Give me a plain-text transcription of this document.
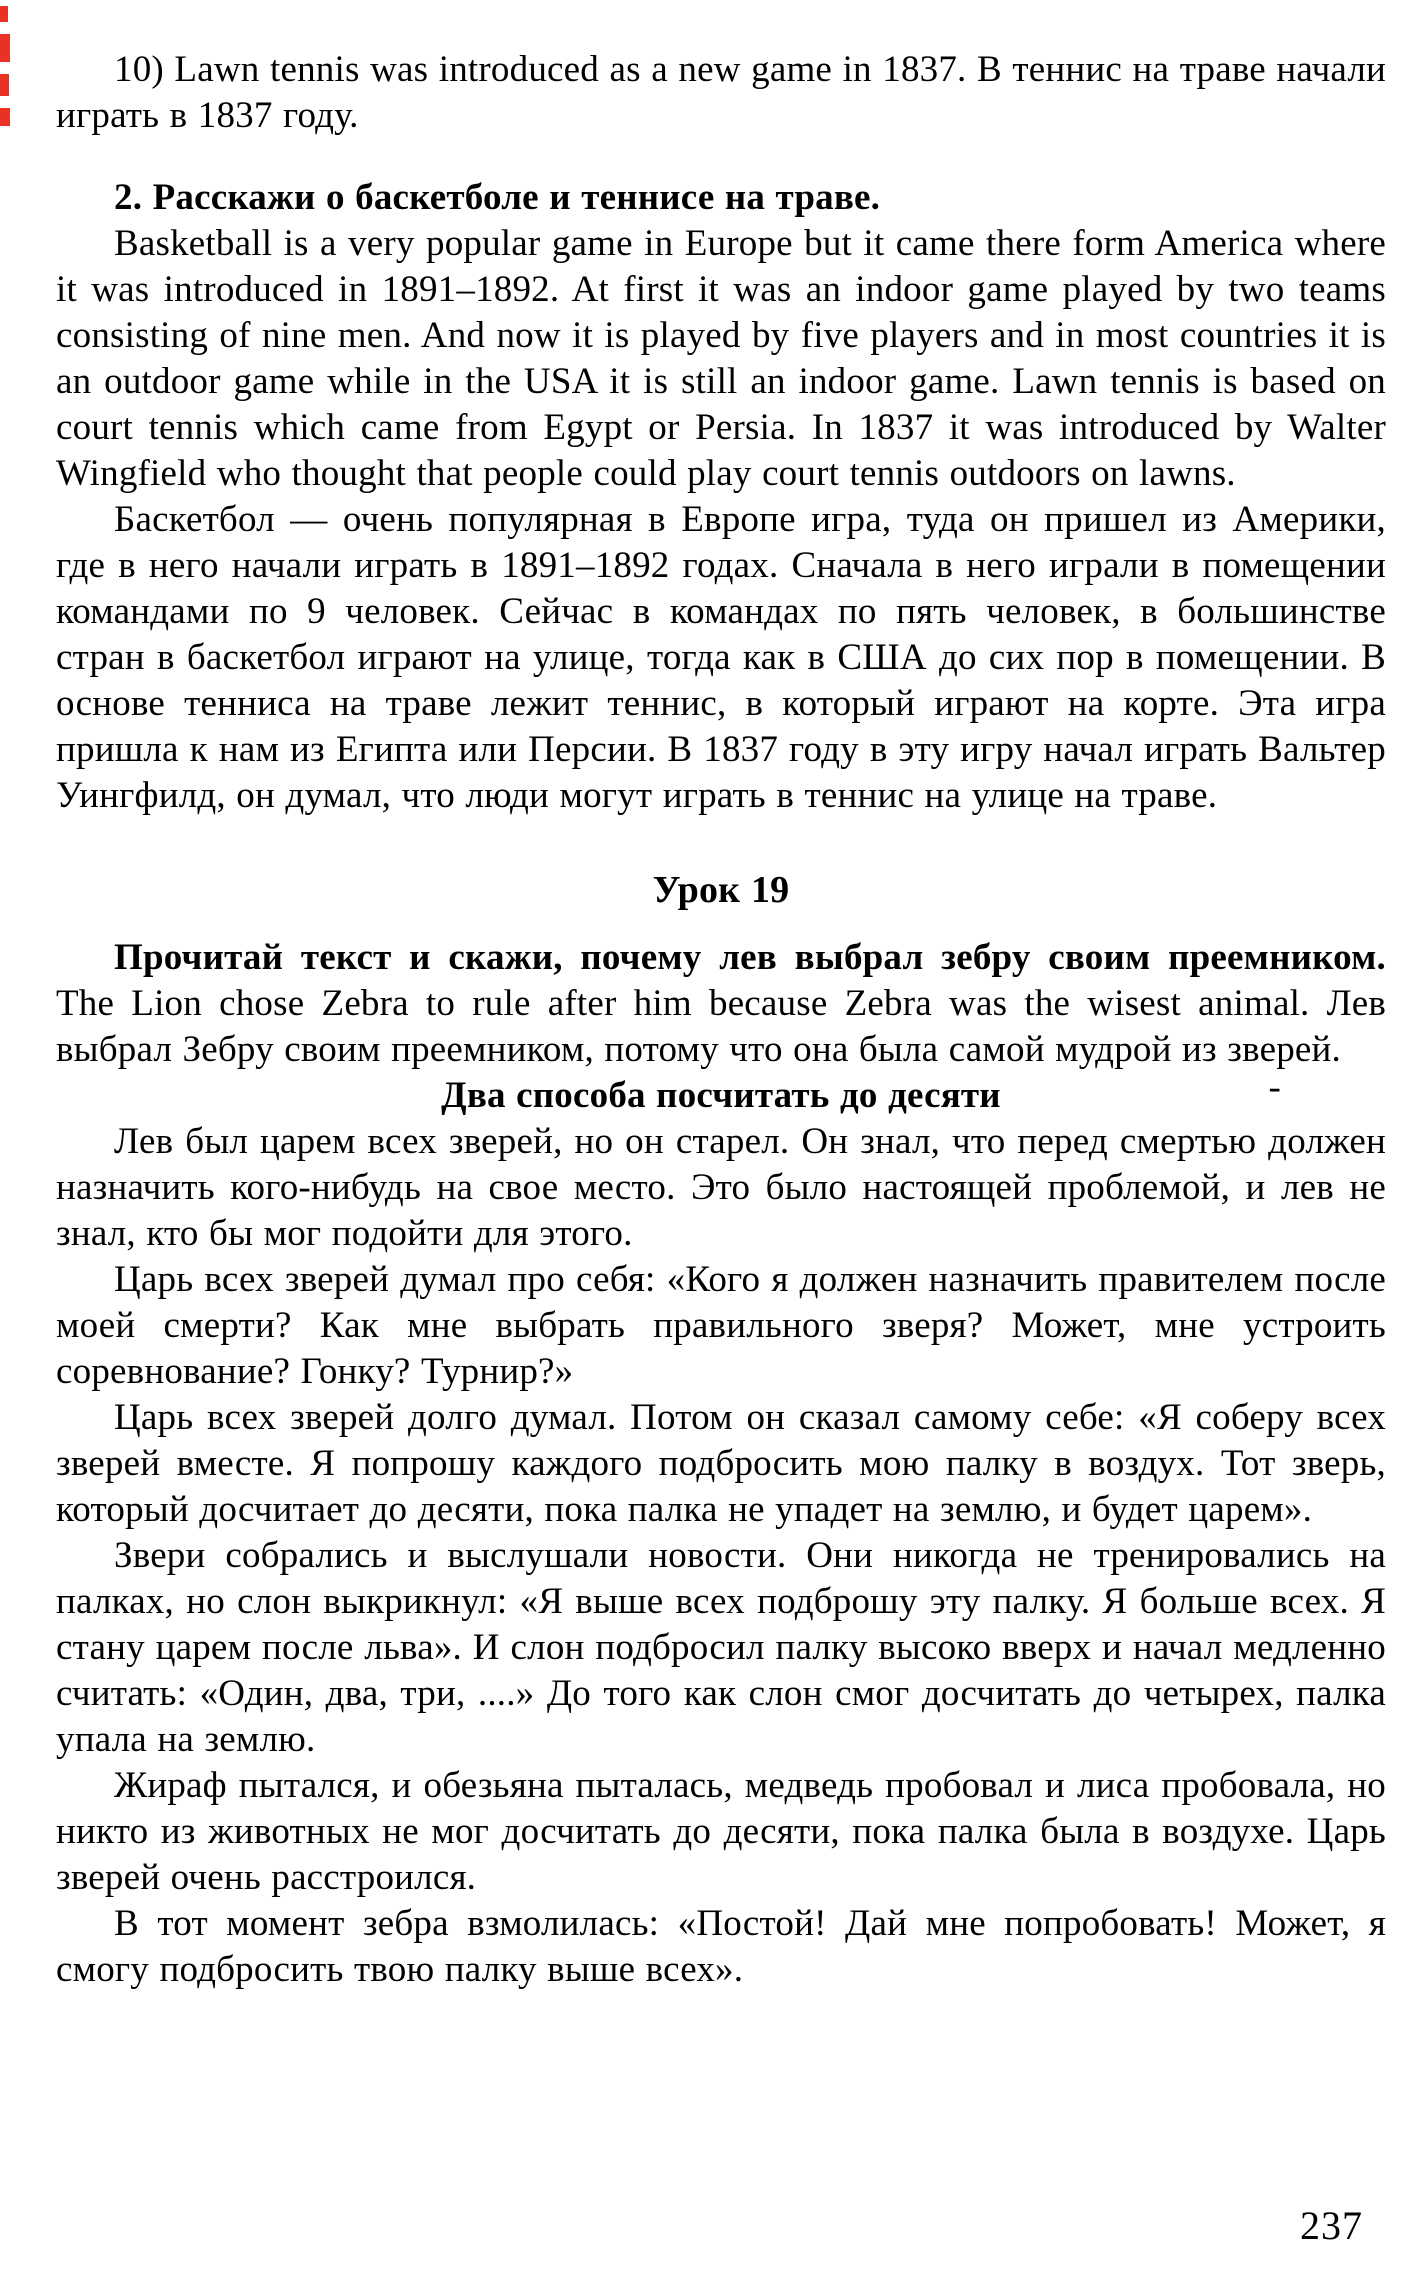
10) Lawn tennis was introduced as a new game in 1837. В теннис на траве начали играть в 1837 году.

2. Расскажи о баскетболе и теннисе на траве.

Basketball is a very popular game in Europe but it came there form America where it was introduced in 1891–1892. At first it was an indoor game played by two teams consisting of nine men. And now it is played by five players and in most countries it is an outdoor game while in the USA it is still an indoor game. Lawn tennis is based on court tennis which came from Egypt or Persia. In 1837 it was introduced by Walter Wingfield who thought that people could play court tennis outdoors on lawns.

Баскетбол — очень популярная в Европе игра, туда он пришел из Америки, где в него начали играть в 1891–1892 годах. Сначала в него играли в помещении командами по 9 человек. Сейчас в командах по пять человек, в большинстве стран в баскетбол играют на улице, тогда как в США до сих пор в помещении. В основе тенниса на траве лежит теннис, в который играют на корте. Эта игра пришла к нам из Египта или Персии. В 1837 году в эту игру начал играть Вальтер Уингфилд, он думал, что люди могут играть в теннис на улице на траве.

Урок 19

Прочитай текст и скажи, почему лев выбрал зебру своим преемником. The Lion chose Zebra to rule after him because Zebra was the wisest animal. Лев выбрал Зебру своим преемником, потому что она была самой мудрой из зверей.

Два способа посчитать до десяти	-

Лев был царем всех зверей, но он старел. Он знал, что перед смертью должен назначить кого-нибудь на свое место. Это было настоящей проблемой, и лев не знал, кто бы мог подойти для этого.

Царь всех зверей думал про себя: «Кого я должен назначить правителем после моей смерти? Как мне выбрать правильного зверя? Может, мне устроить соревнование? Гонку? Турнир?»

Царь всех зверей долго думал. Потом он сказал самому себе: «Я соберу всех зверей вместе. Я попрошу каждого подбросить мою палку в воздух. Тот зверь, который досчитает до десяти, пока палка не упадет на землю, и будет царем».

Звери собрались и выслушали новости. Они никогда не тренировались на палках, но слон выкрикнул: «Я выше всех подброшу эту палку. Я больше всех. Я стану царем после льва». И слон подбросил палку высоко вверх и начал медленно считать: «Один, два, три, ....» До того как слон смог досчитать до четырех, палка упала на землю.

Жираф пытался, и обезьяна пыталась, медведь пробовал и лиса пробовала, но никто из животных не мог досчитать до десяти, пока палка была в воздухе. Царь зверей очень расстроился.

В тот момент зебра взмолилась: «Постой! Дай мне попробовать! Может, я смогу подбросить твою палку выше всех».

237
